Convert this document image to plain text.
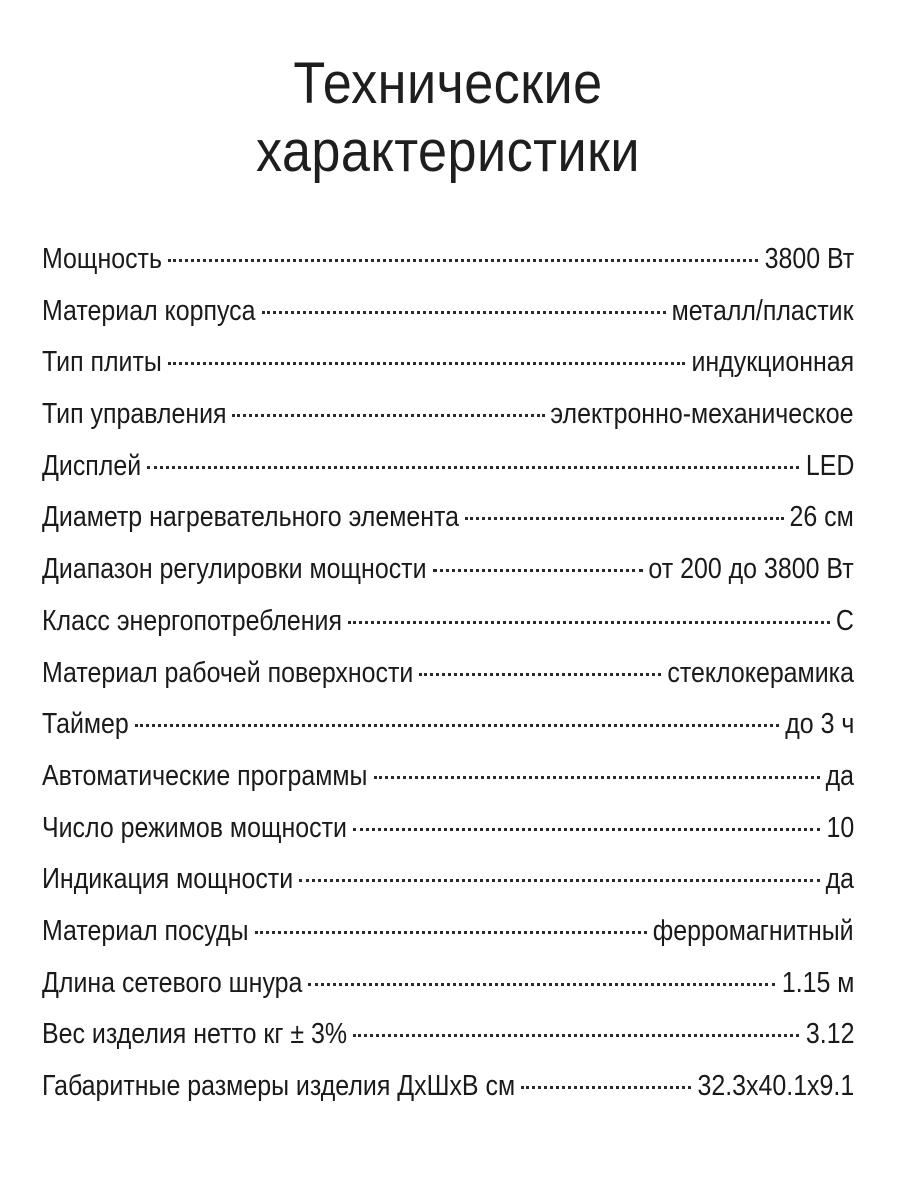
Технические
характеристики
Мощность	3800 Вт
Материал корпуса	металл/пластик
Тип плиты	индукционная
Тип управления	электронно-механическое
Дисплей	LED
Диаметр нагревательного элемента	26 см
Диапазон регулировки мощности	от 200 до 3800 Вт
Класс энергопотребления	С
Материал рабочей поверхности	стеклокерамика
Таймер	до 3 ч
Автоматические программы	да
Число режимов мощности	10
Индикация мощности	да
Материал посуды	ферромагнитный
Длина сетевого шнура	1.15 м
Вес изделия нетто кг ± 3%	3.12
Габаритные размеры изделия ДхШхВ см	32.3х40.1х9.1
